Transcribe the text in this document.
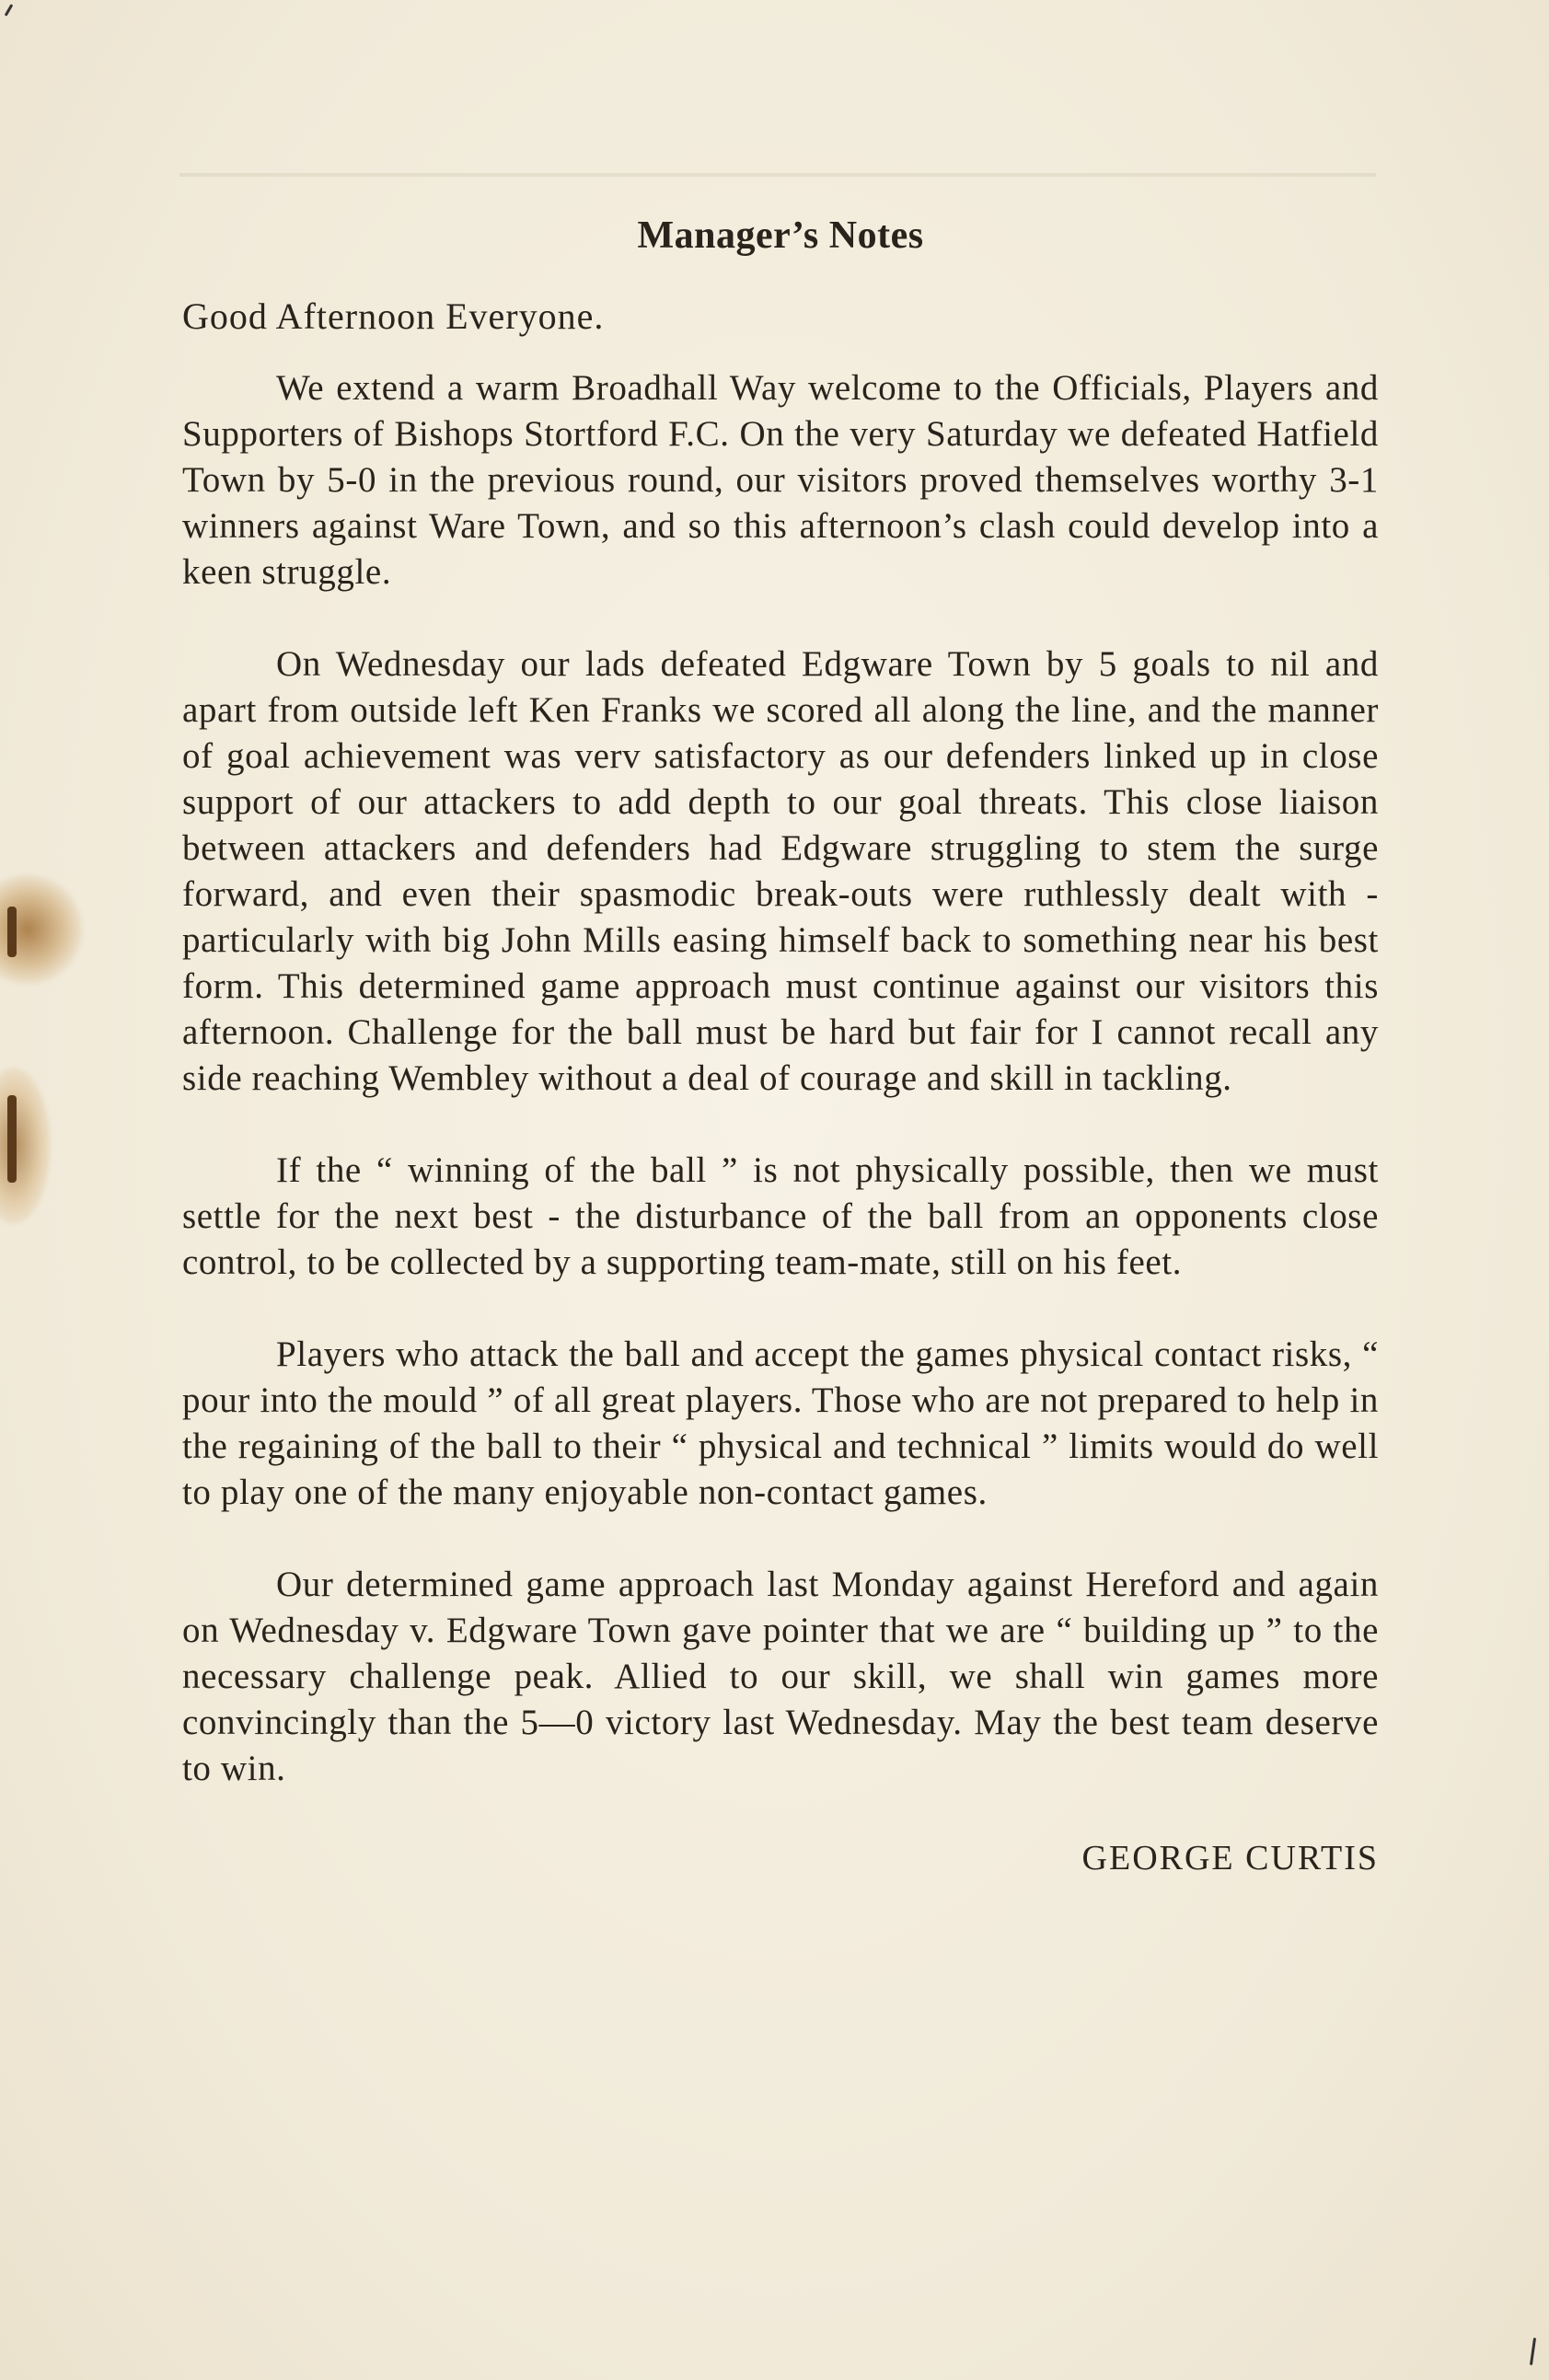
Manager’s Notes
Good Afternoon Everyone.

We extend a warm Broadhall Way welcome to the Officials, Players and Supporters of Bishops Stortford F.C. On the very Saturday we defeated Hatfield Town by 5-0 in the previous round, our visitors proved themselves worthy 3-1 winners against Ware Town, and so this afternoon’s clash could develop into a keen struggle.

On Wednesday our lads defeated Edgware Town by 5 goals to nil and apart from outside left Ken Franks we scored all along the line, and the manner of goal achievement was verv satisfactory as our defenders linked up in close support of our attackers to add depth to our goal threats. This close liaison between attackers and defenders had Edgware struggling to stem the surge forward, and even their spasmodic break-outs were ruthlessly dealt with - particularly with big John Mills easing himself back to something near his best form. This determined game approach must continue against our visitors this afternoon. Challenge for the ball must be hard but fair for I cannot recall any side reaching Wembley without a deal of courage and skill in tackling.

If the “ winning of the ball ” is not physically possible, then we must settle for the next best - the disturbance of the ball from an opponents close control, to be collected by a supporting team-mate, still on his feet.

Players who attack the ball and accept the games physical contact risks, “ pour into the mould ” of all great players. Those who are not prepared to help in the regaining of the ball to their “ physical and technical ” limits would do well to play one of the many enjoyable non-contact games.

Our determined game approach last Monday against Hereford and again on Wednesday v. Edgware Town gave pointer that we are “ building up ” to the necessary challenge peak. Allied to our skill, we shall win games more convincingly than the 5—0 victory last Wednesday. May the best team deserve to win.

GEORGE CURTIS
